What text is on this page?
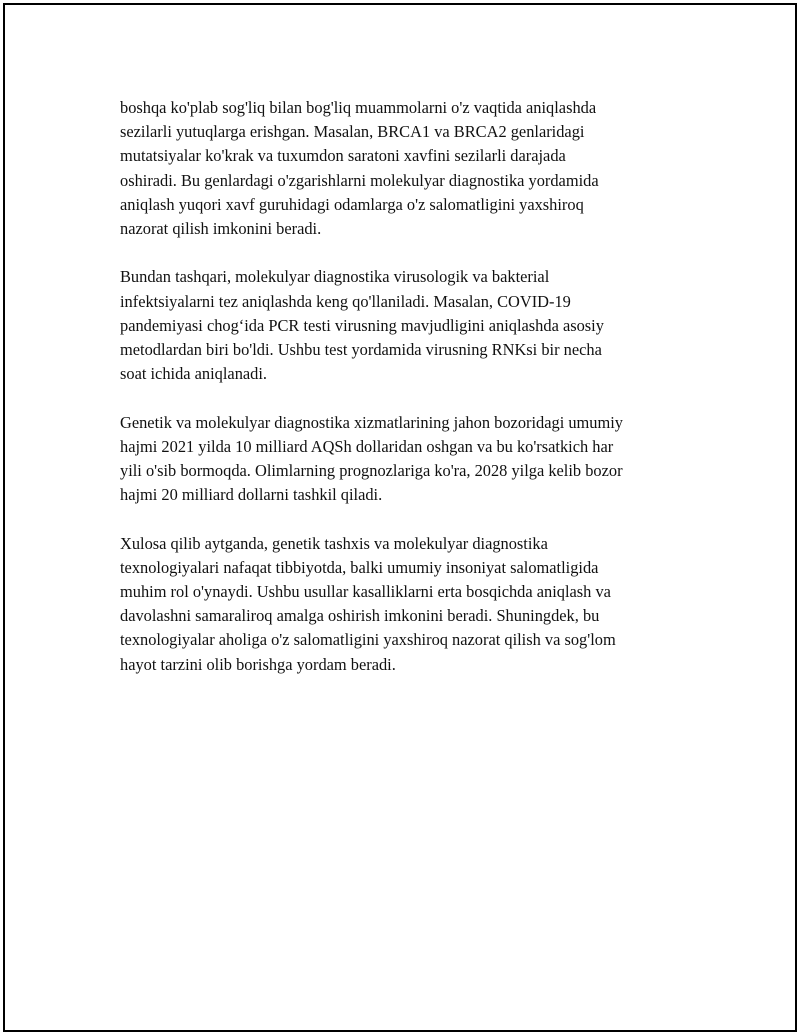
boshqa ko'plab sog'liq bilan bog'liq muammolarni o'z vaqtida aniqlashda
sezilarli yutuqlarga erishgan. Masalan, BRCA1 va BRCA2 genlaridagi
mutatsiyalar ko'krak va tuxumdon saratoni xavfini sezilarli darajada
oshiradi. Bu genlardagi o'zgarishlarni molekulyar diagnostika yordamida
aniqlash yuqori xavf guruhidagi odamlarga o'z salomatligini yaxshiroq
nazorat qilish imkonini beradi.

Bundan tashqari, molekulyar diagnostika virusologik va bakterial
infektsiyalarni tez aniqlashda keng qo'llaniladi. Masalan, COVID-19
pandemiyasi chog‘ida PCR testi virusning mavjudligini aniqlashda asosiy
metodlardan biri bo'ldi. Ushbu test yordamida virusning RNKsi bir necha
soat ichida aniqlanadi.

Genetik va molekulyar diagnostika xizmatlarining jahon bozoridagi umumiy
hajmi 2021 yilda 10 milliard AQSh dollaridan oshgan va bu ko'rsatkich har
yili o'sib bormoqda. Olimlarning prognozlariga ko'ra, 2028 yilga kelib bozor
hajmi 20 milliard dollarni tashkil qiladi.

Xulosa qilib aytganda, genetik tashxis va molekulyar diagnostika
texnologiyalari nafaqat tibbiyotda, balki umumiy insoniyat salomatligida
muhim rol o'ynaydi. Ushbu usullar kasalliklarni erta bosqichda aniqlash va
davolashni samaraliroq amalga oshirish imkonini beradi. Shuningdek, bu
texnologiyalar aholiga o'z salomatligini yaxshiroq nazorat qilish va sog'lom
hayot tarzini olib borishga yordam beradi.
